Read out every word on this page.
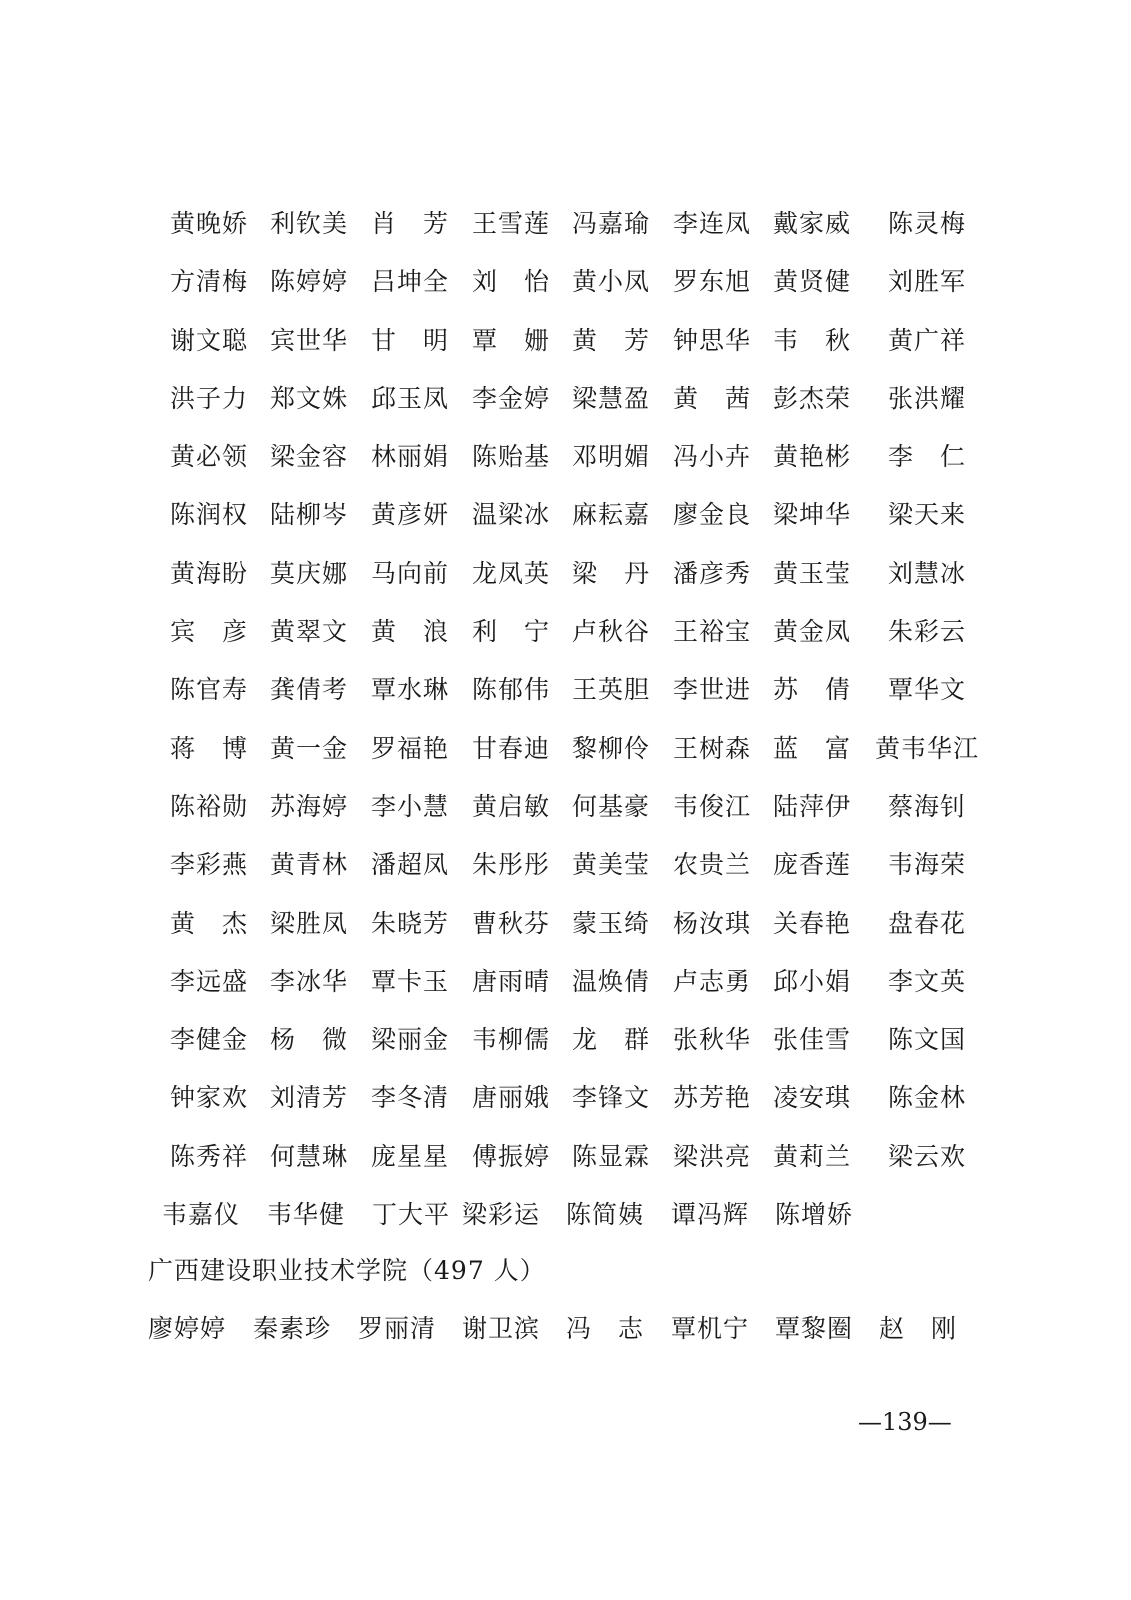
黄晚娇 利钦美 肖　芳 王雪莲 冯嘉瑜 李连凤 戴家威 陈灵梅
方清梅 陈婷婷 吕坤全 刘　怡 黄小凤 罗东旭 黄贤健 刘胜军
谢文聪 宾世华 甘　明 覃　姗 黄　芳 钟思华 韦　秋 黄广祥
洪子力 郑文姝 邱玉凤 李金婷 梁慧盈 黄　茜 彭杰荣 张洪耀
黄必领 梁金容 林丽娟 陈贻基 邓明媚 冯小卉 黄艳彬 李　仁
陈润权 陆柳岑 黄彦妍 温梁冰 麻耘嘉 廖金良 梁坤华 梁天来
黄海盼 莫庆娜 马向前 龙凤英 梁　丹 潘彦秀 黄玉莹 刘慧冰
宾　彦 黄翠文 黄　浪 利　宁 卢秋谷 王裕宝 黄金凤 朱彩云
陈官寿 龚倩考 覃水琳 陈郁伟 王英胆 李世进 苏　倩 覃华文
蒋　博 黄一金 罗福艳 甘春迪 黎柳伶 王树森 蓝　富 黄韦华江
陈裕勋 苏海婷 李小慧 黄启敏 何基豪 韦俊江 陆萍伊 蔡海钊
李彩燕 黄青林 潘超凤 朱彤彤 黄美莹 农贵兰 庞香莲 韦海荣
黄　杰 梁胜凤 朱晓芳 曹秋芬 蒙玉绮 杨汝琪 关春艳 盘春花
李远盛 李冰华 覃卡玉 唐雨晴 温焕倩 卢志勇 邱小娟 李文英
李健金 杨　微 梁丽金 韦柳儒 龙　群 张秋华 张佳雪 陈文国
钟家欢 刘清芳 李冬清 唐丽娥 李锋文 苏芳艳 凌安琪 陈金林
陈秀祥 何慧琳 庞星星 傅振婷 陈显霖 梁洪亮 黄莉兰 梁云欢
韦嘉仪 韦华健 丁大平 梁彩运 陈简姨 谭冯辉 陈增娇
广西建设职业技术学院（497 人）
廖婷婷 秦素珍 罗丽清 谢卫滨 冯　志 覃机宁 覃黎圈 赵　刚
—139—
